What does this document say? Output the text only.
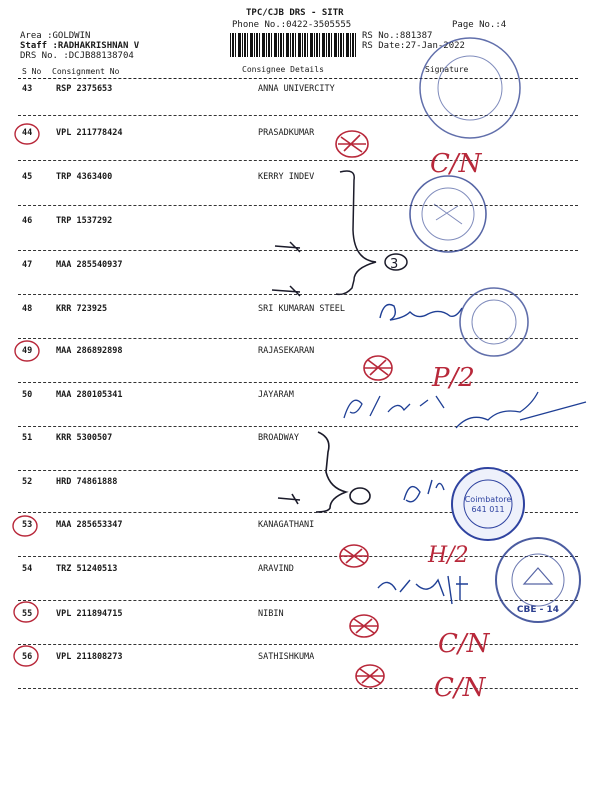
TPC/CJB DRS - SITR
Phone No.:0422-3505555	Page No.:4
Area :GOLDWIN
Staff :RADHAKRISHNAN V
DRS No. :DCJB88138704
RS No.:881387
RS Date:27-Jan-2022
S No Consignment No	Consignee Details	Signature
43	RSP 2375653	ANNA UNIVERCITY
44	VPL 211778424	PRASADKUMAR
45	TRP 4363400	KERRY INDEV
46	TRP 1537292
47	MAA 285540937
48	KRR 723925	SRI KUMARAN STEEL
49	MAA 286892898	RAJASEKARAN
50	MAA 280105341	JAYARAM
51	KRR 5300507	BROADWAY
52	HRD 74861888
53	MAA 285653347	KANAGATHANI
54	TRZ 51240513	ARAVIND
55	VPL 211894715	NIBIN
56	VPL 211808273	SATHISHKUMA
C/N
P/2
H/2
C/N
C/N
3
Coimbatore
641 011
CBE - 14
